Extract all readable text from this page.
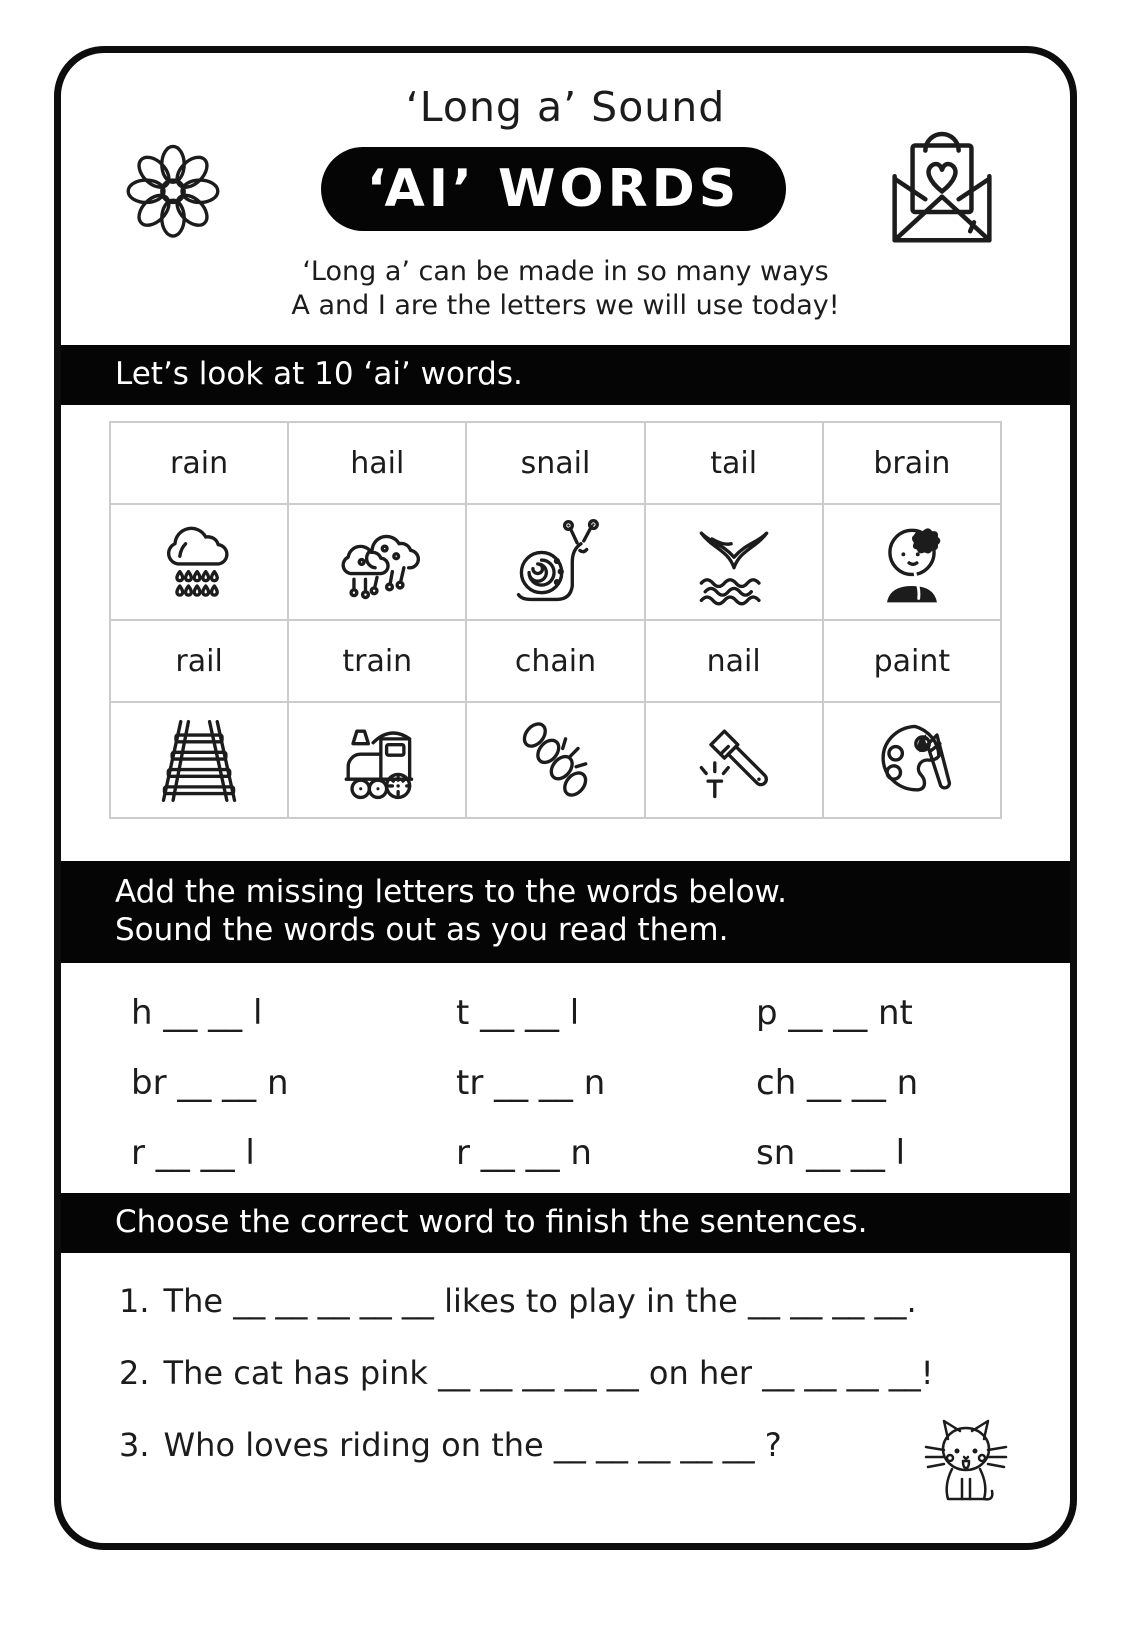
‘Long a’ Sound
‘AI’ WORDS
‘Long a’ can be made in so many ways
A and I are the letters we will use today!
Let’s look at 10 ‘ai’ words.
rain	hail	snail	tail	brain
rail	train	chain	nail	paint
Add the missing letters to the words below.
Sound the words out as you read them.
h __ __ l	t __ __ l	p __ __ nt
br __ __ n	tr __ __ n	ch __ __ n
r __ __ l	r __ __ n	sn __ __ l
Choose the correct word to finish the sentences.
1. The __ __ __ __ __ likes to play in the __ __ __ __.
2. The cat has pink __ __ __ __ __ on her __ __ __ __!
3. Who loves riding on the __ __ __ __ __ ?
